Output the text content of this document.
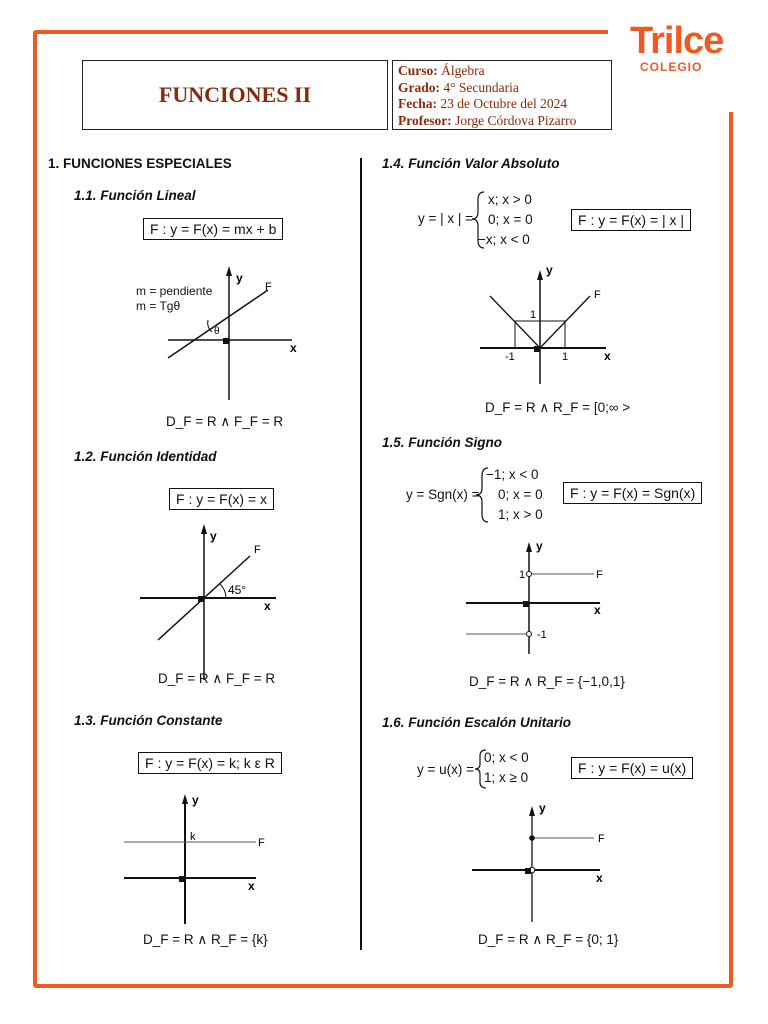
Trilce
COLEGIO
FUNCIONES II
Curso: Álgebra
Grado: 4° Secundaria
Fecha: 23 de Octubre del 2024
Profesor: Jorge Córdova Pizarro
1. FUNCIONES ESPECIALES
1.1. Función Lineal
F : y = F(x) = mx + b
m = pendiente
m = Tgθ
θ
y
x
F
D_F = R ∧ F_F = R
1.2. Función Identidad
F : y = F(x) = x
45°
y
x
F
D_F = R ∧ F_F = R
1.3. Función Constante
F : y = F(x) = k; k ε R
k
y
x
F
D_F = R ∧ R_F = {k}
1.4. Función Valor Absoluto
y = | x | =
x; x > 0
0; x = 0
−x; x < 0
F : y = F(x) = | x |
1
-1	1
y
x
F
D_F = R ∧ R_F = [0;∞ >
1.5. Función Signo
y = Sgn(x) =
−1; x < 0
0; x = 0
1; x > 0
F : y = F(x) = Sgn(x)
1
-1
y
x
F
D_F = R ∧ R_F = {−1,0,1}
1.6. Función Escalón Unitario
y = u(x) =
0; x < 0
1; x ≥ 0
F : y = F(x) = u(x)
y
x
F
D_F = R ∧ R_F = {0; 1}
